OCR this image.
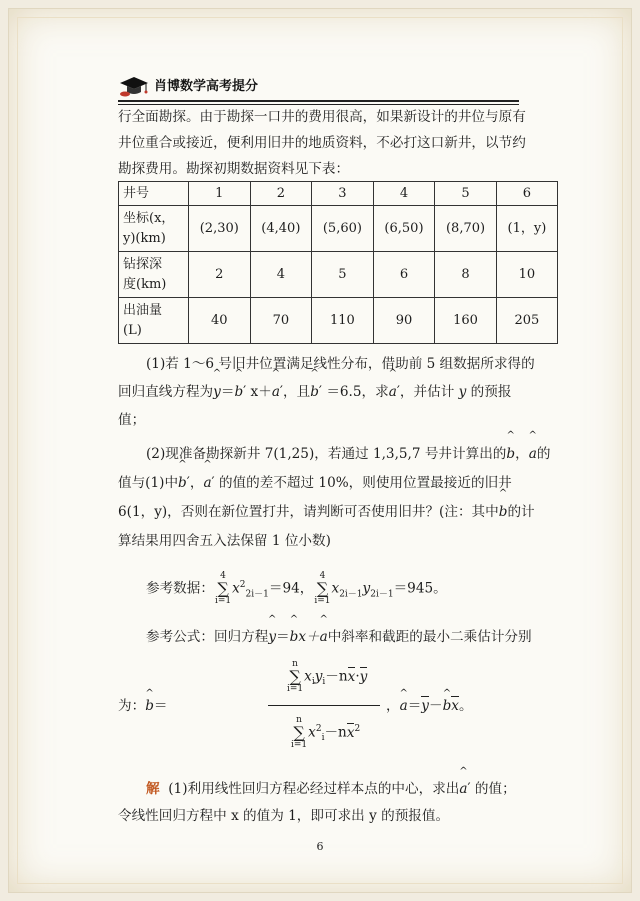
肖博数学高考提分
行全面勘探。由于勘探一口井的费用很高，如果新设计的井位与原有
井位重合或接近，便利用旧井的地质资料，不必打这口新井，以节约
勘探费用。勘探初期数据资料见下表：
井号	1	2	3	4	5	6
坐标(x，
y)(km)	(2,30)	(4,40)	(5,60)	(6,50)	(8,70)	(1，y)
钻探深
度(km)	2	4	5	6	8	10
出油量
(L)	40	70	110	90	160	205
(1)若 1～6 号旧井位置满足线性分布，借助前 5 组数据所求得的
回归直线方程为^ y＝^ b′ x＋^ a′，且^ b′ ＝6.5，求^ a′，并估计 y 的预报
值；
(2)现准备勘探新井 7(1,25)，若通过 1,3,5,7 号井计算出的^ b，^ a的
值与(1)中^ b′，^ a′ 的值的差不超过 10%，则使用位置最接近的旧井
6(1，y)，否则在新位置打井，请判断可否使用旧井？(注：其中^ b的计
算结果用四舍五入法保留 1 位小数)
参考数据：
4
∑
i=1
$x^2_{2i-1}=94$，
4
∑
i=1
$x_{2i-1}y_{2i-1}=945$。
参考公式：回归方程^ y＝^ bx＋^ a中斜率和截距的最小二乘估计分别
n
∑
i=1
$x_iy_i-nx\cdot y$
为：^ b＝	，^ a＝y－^ bx。
n
∑
i=1
$x^2_i-nx^2$
解 (1)利用线性回归方程必经过样本点的中心，求出^ a′ 的值；
令线性回归方程中 x 的值为 1，即可求出 y 的预报值。
6
